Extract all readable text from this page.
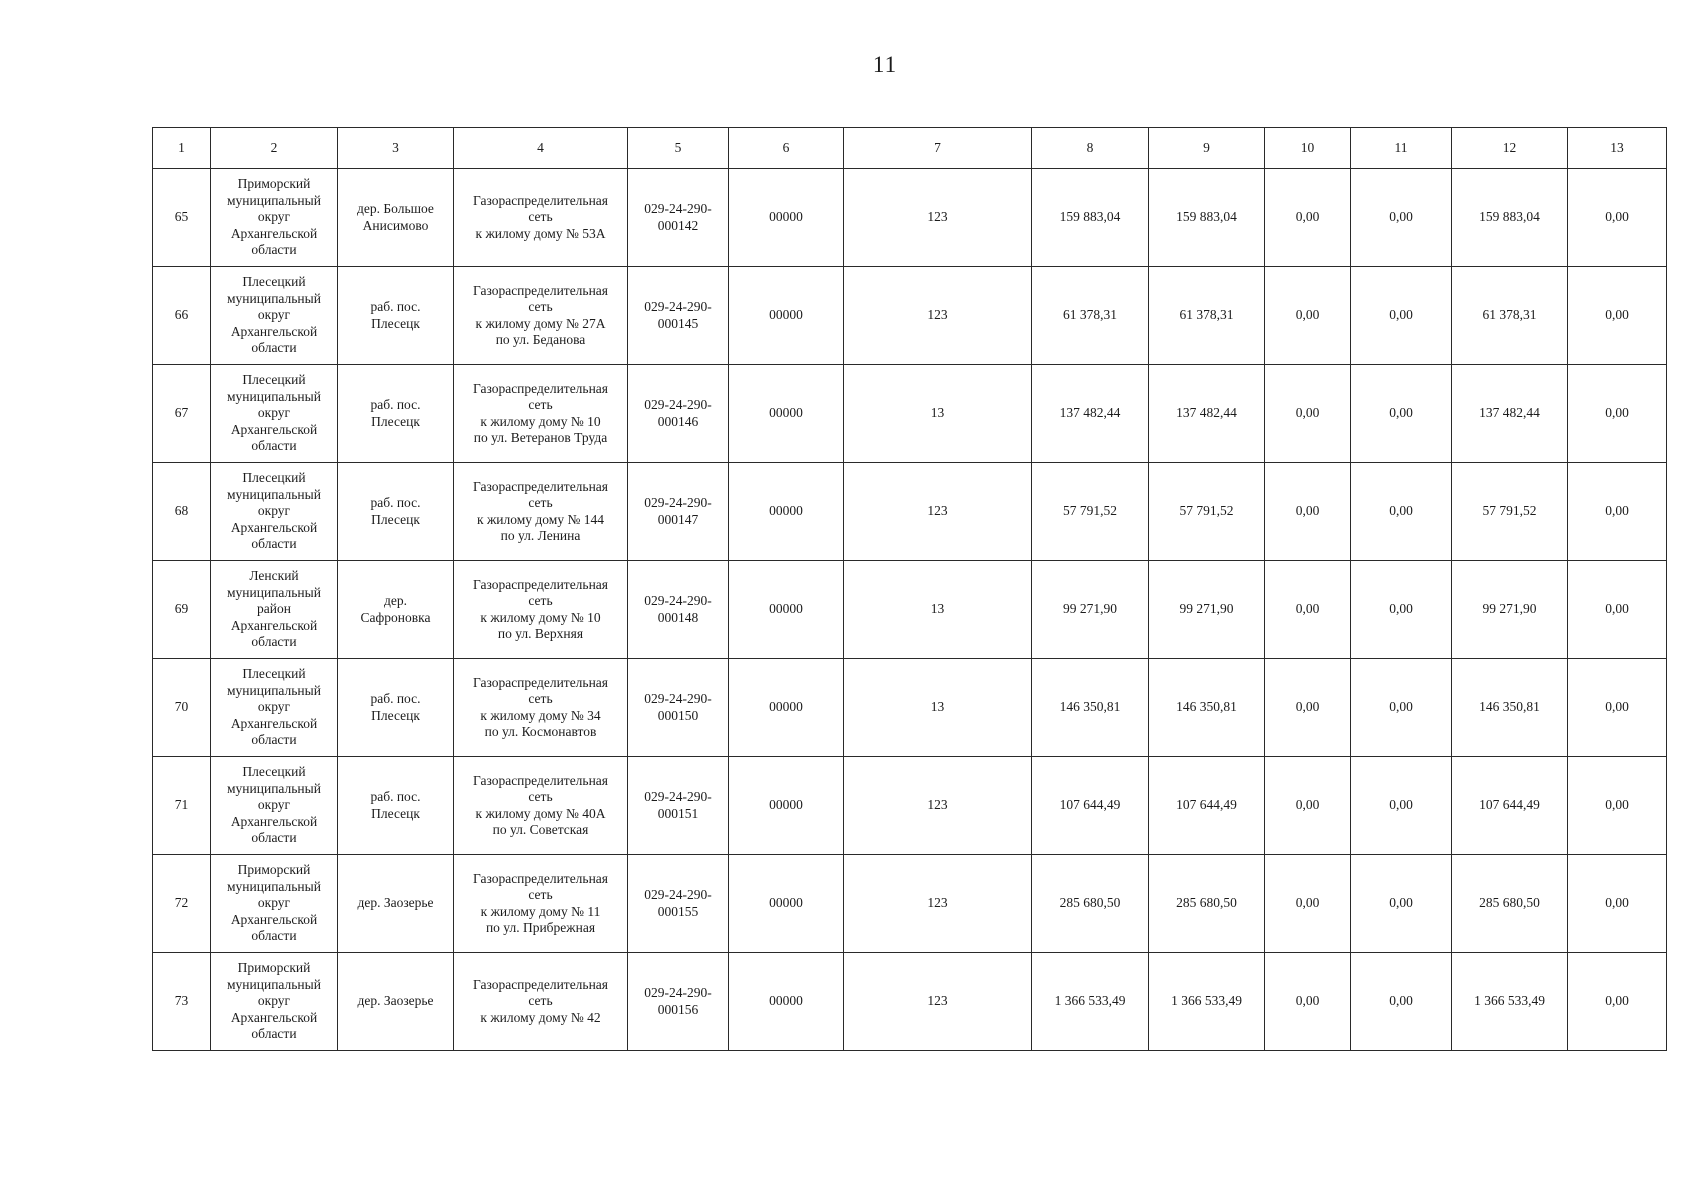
11
1	2	3	4	5	6	7	8	9	10	11	12	13
65	Приморский
муниципальный
округ
Архангельской
области	дер. Большое
Анисимово	Газораспределительная
сеть
к жилому дому № 53А	029-24-290-
000142	00000	123	159 883,04	159 883,04	0,00	0,00	159 883,04	0,00
66	Плесецкий
муниципальный
округ
Архангельской
области	раб. пос.
Плесецк	Газораспределительная
сеть
к жилому дому № 27А
по ул. Беданова	029-24-290-
000145	00000	123	61 378,31	61 378,31	0,00	0,00	61 378,31	0,00
67	Плесецкий
муниципальный
округ
Архангельской
области	раб. пос.
Плесецк	Газораспределительная
сеть
к жилому дому № 10
по ул. Ветеранов Труда	029-24-290-
000146	00000	13	137 482,44	137 482,44	0,00	0,00	137 482,44	0,00
68	Плесецкий
муниципальный
округ
Архангельской
области	раб. пос.
Плесецк	Газораспределительная
сеть
к жилому дому № 144
по ул. Ленина	029-24-290-
000147	00000	123	57 791,52	57 791,52	0,00	0,00	57 791,52	0,00
69	Ленский
муниципальный
район
Архангельской
области	дер.
Сафроновка	Газораспределительная
сеть
к жилому дому № 10
по ул. Верхняя	029-24-290-
000148	00000	13	99 271,90	99 271,90	0,00	0,00	99 271,90	0,00
70	Плесецкий
муниципальный
округ
Архангельской
области	раб. пос.
Плесецк	Газораспределительная
сеть
к жилому дому № 34
по ул. Космонавтов	029-24-290-
000150	00000	13	146 350,81	146 350,81	0,00	0,00	146 350,81	0,00
71	Плесецкий
муниципальный
округ
Архангельской
области	раб. пос.
Плесецк	Газораспределительная
сеть
к жилому дому № 40А
по ул. Советская	029-24-290-
000151	00000	123	107 644,49	107 644,49	0,00	0,00	107 644,49	0,00
72	Приморский
муниципальный
округ
Архангельской
области	дер. Заозерье	Газораспределительная
сеть
к жилому дому № 11
по ул. Прибрежная	029-24-290-
000155	00000	123	285 680,50	285 680,50	0,00	0,00	285 680,50	0,00
73	Приморский
муниципальный
округ
Архангельской
области	дер. Заозерье	Газораспределительная
сеть
к жилому дому № 42	029-24-290-
000156	00000	123	1 366 533,49	1 366 533,49	0,00	0,00	1 366 533,49	0,00
